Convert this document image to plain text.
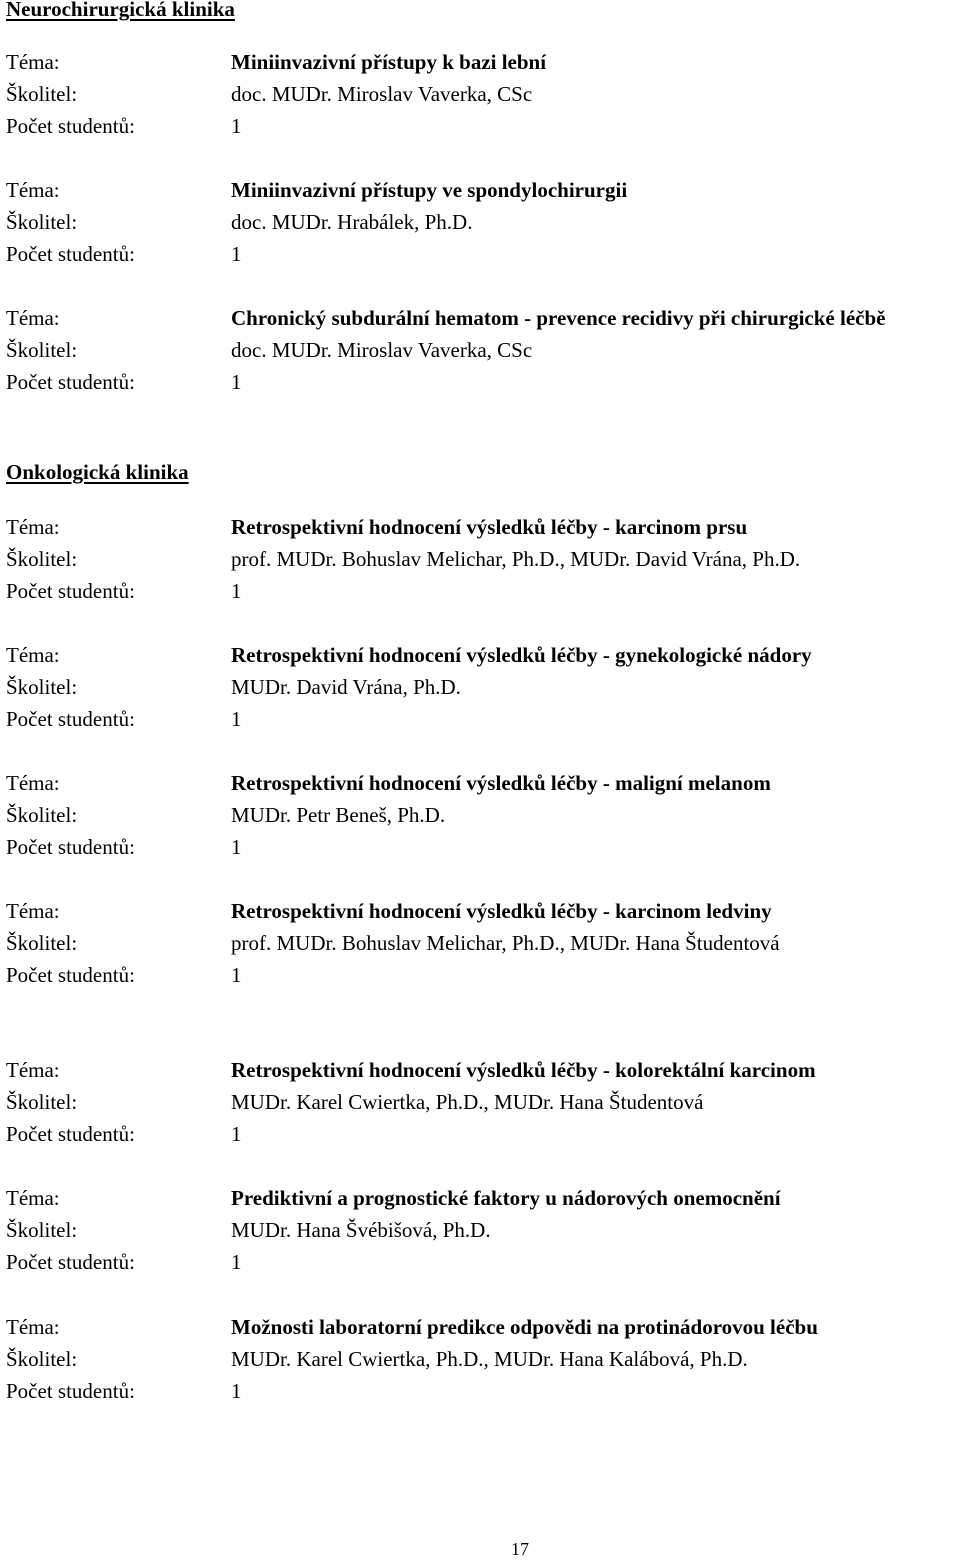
Neurochirurgická klinika
Téma:	Miniinvazivní přístupy k bazi lební
Školitel:	doc. MUDr. Miroslav Vaverka, CSc
Počet studentů:	1
Téma:	Miniinvazivní přístupy ve spondylochirurgii
Školitel:	doc. MUDr. Hrabálek, Ph.D.
Počet studentů:	1
Téma:	Chronický subdurální hematom - prevence recidivy při chirurgické léčbě
Školitel:	doc. MUDr. Miroslav Vaverka, CSc
Počet studentů:	1
Onkologická klinika
Téma:	Retrospektivní hodnocení výsledků léčby - karcinom prsu
Školitel:	prof. MUDr. Bohuslav Melichar, Ph.D., MUDr. David Vrána, Ph.D.
Počet studentů:	1
Téma:	Retrospektivní hodnocení výsledků léčby - gynekologické nádory
Školitel:	MUDr. David Vrána, Ph.D.
Počet studentů:	1
Téma:	Retrospektivní hodnocení výsledků léčby - maligní melanom
Školitel:	MUDr. Petr Beneš, Ph.D.
Počet studentů:	1
Téma:	Retrospektivní hodnocení výsledků léčby - karcinom ledviny
Školitel:	prof. MUDr. Bohuslav Melichar, Ph.D., MUDr. Hana Študentová
Počet studentů:	1
Téma:	Retrospektivní hodnocení výsledků léčby - kolorektální karcinom
Školitel:	MUDr. Karel Cwiertka, Ph.D., MUDr. Hana Študentová
Počet studentů:	1
Téma:	Prediktivní a prognostické faktory u nádorových onemocnění
Školitel:	MUDr. Hana Švébišová, Ph.D.
Počet studentů:	1
Téma:	Možnosti laboratorní predikce odpovědi na protinádorovou léčbu
Školitel:	MUDr. Karel Cwiertka, Ph.D., MUDr. Hana Kalábová, Ph.D.
Počet studentů:	1
17
